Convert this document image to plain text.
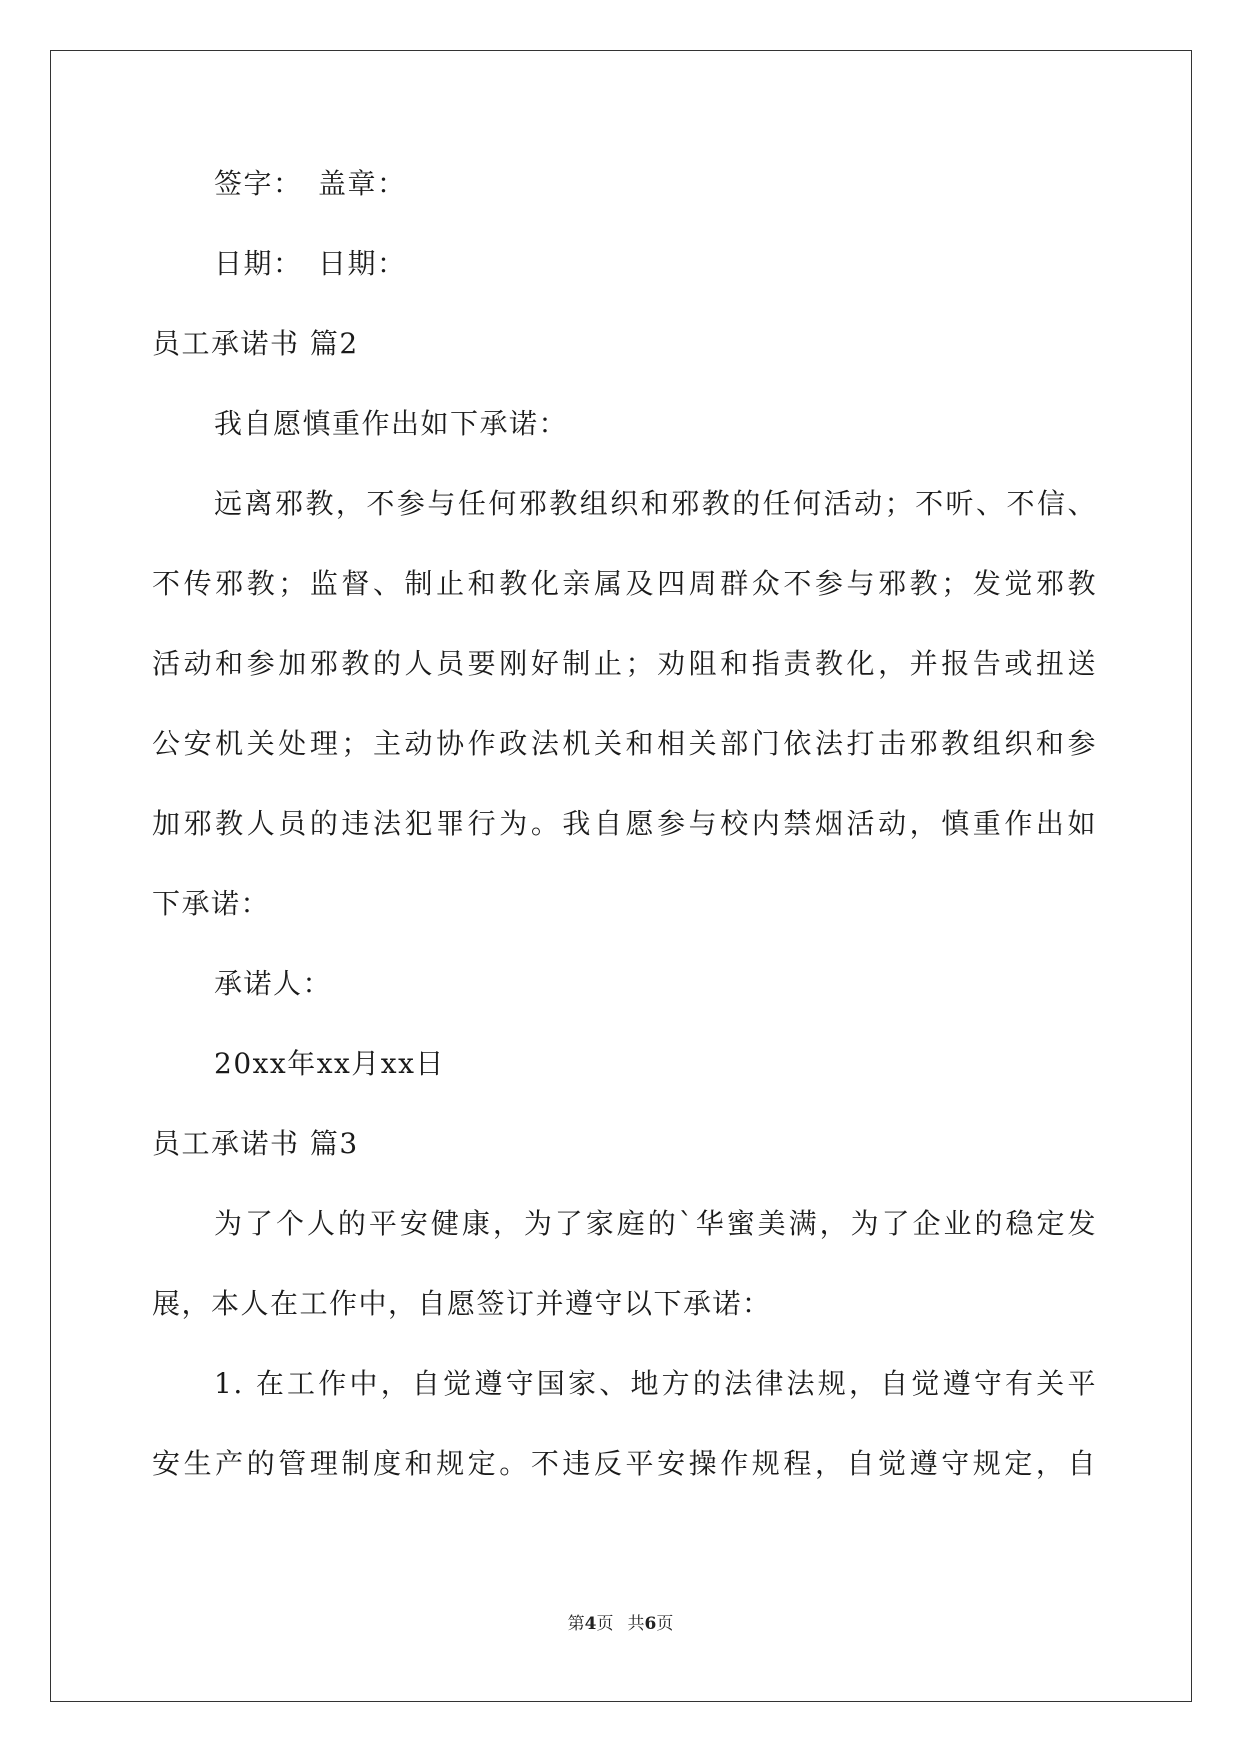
签字：　盖章：
日期：　日期：
员工承诺书 篇2
我自愿慎重作出如下承诺：
远离邪教，不参与任何邪教组织和邪教的任何活动；不听、不信、
不传邪教；监督、制止和教化亲属及四周群众不参与邪教；发觉邪教
活动和参加邪教的人员要刚好制止；劝阻和指责教化，并报告或扭送
公安机关处理；主动协作政法机关和相关部门依法打击邪教组织和参
加邪教人员的违法犯罪行为。我自愿参与校内禁烟活动，慎重作出如
下承诺：
承诺人：
20xx年xx月xx日
员工承诺书 篇3
为了个人的平安健康，为了家庭的`华蜜美满，为了企业的稳定发
展，本人在工作中，自愿签订并遵守以下承诺：
1. 在工作中，自觉遵守国家、地方的法律法规，自觉遵守有关平
安生产的管理制度和规定。不违反平安操作规程，自觉遵守规定，自
第4页 共6页
